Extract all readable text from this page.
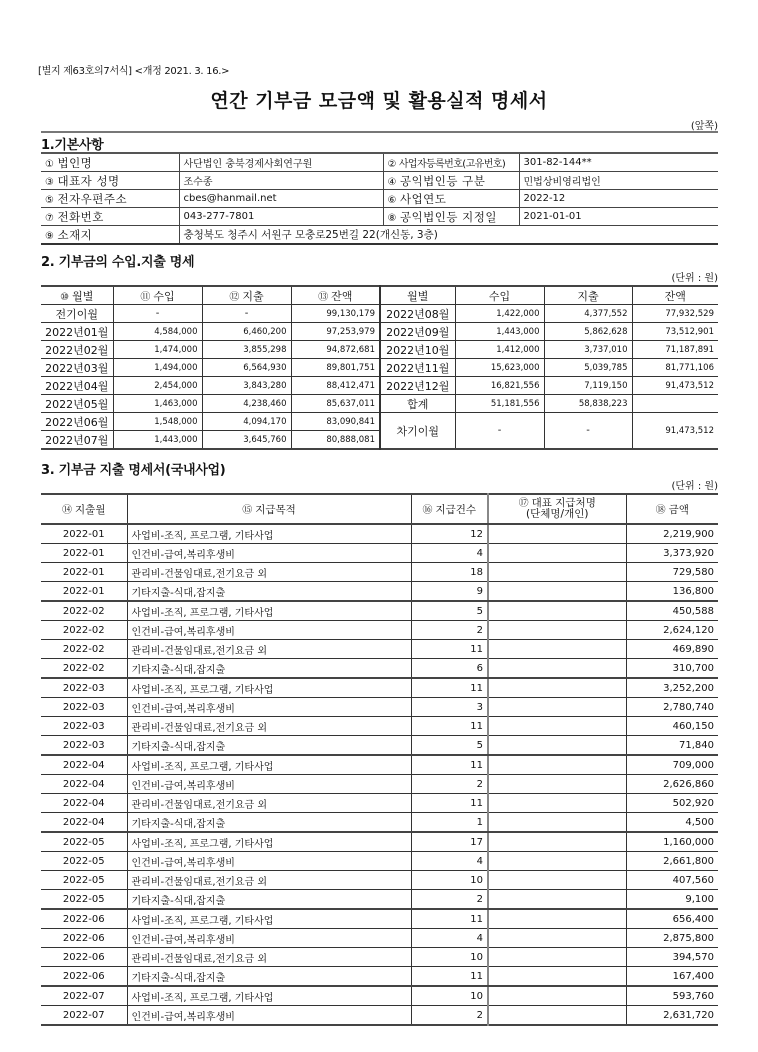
[별지 제63호의7서식] <개정 2021. 3. 16.>
연간 기부금 모금액 및 활용실적 명세서
(앞쪽)
1.기본사항
① 법인명	사단법인 충북경제사회연구원	② 사업자등록번호(고유번호)	301-82-144**
③ 대표자 성명	조수종	④ 공익법인등 구분	민법상비영리법인
⑤ 전자우편주소	cbes@hanmail.net	⑥ 사업연도	2022-12
⑦ 전화번호	043-277-7801	⑧ 공익법인등 지정일	2021-01-01
⑨ 소재지	충청북도 청주시 서원구 모충로25번길 22(개신동, 3층)		
2. 기부금의 수입.지출 명세
(단위 : 원)
⑩ 월별	⑪ 수입	⑫ 지출	⑬ 잔액	월별	수입	지출	잔액
전기이월	-	-	99,130,179	2022년08월	1,422,000	4,377,552	77,932,529
2022년01월	4,584,000	6,460,200	97,253,979	2022년09월	1,443,000	5,862,628	73,512,901
2022년02월	1,474,000	3,855,298	94,872,681	2022년10월	1,412,000	3,737,010	71,187,891
2022년03월	1,494,000	6,564,930	89,801,751	2022년11월	15,623,000	5,039,785	81,771,106
2022년04월	2,454,000	3,843,280	88,412,471	2022년12월	16,821,556	7,119,150	91,473,512
2022년05월	1,463,000	4,238,460	85,637,011	합계	51,181,556	58,838,223	
2022년06월	1,548,000	4,094,170	83,090,841	차기이월	-	-	91,473,512
2022년07월	1,443,000	3,645,760	80,888,081				
3. 기부금 지출 명세서(국내사업)
(단위 : 원)
⑭ 지출월	⑮ 지급목적	⑯ 지급건수	⑰ 대표 지급처명
(단체명/개인)	⑱ 금액
2022-01	사업비-조직, 프로그램, 기타사업	12		2,219,900
2022-01	인건비-급여,복리후생비	4		3,373,920
2022-01	관리비-건물임대료,전기요금 외	18		729,580
2022-01	기타지출-식대,잡지출	9		136,800
2022-02	사업비-조직, 프로그램, 기타사업	5		450,588
2022-02	인건비-급여,복리후생비	2		2,624,120
2022-02	관리비-건물임대료,전기요금 외	11		469,890
2022-02	기타지출-식대,잡지출	6		310,700
2022-03	사업비-조직, 프로그램, 기타사업	11		3,252,200
2022-03	인건비-급여,복리후생비	3		2,780,740
2022-03	관리비-건물임대료,전기요금 외	11		460,150
2022-03	기타지출-식대,잡지출	5		71,840
2022-04	사업비-조직, 프로그램, 기타사업	11		709,000
2022-04	인건비-급여,복리후생비	2		2,626,860
2022-04	관리비-건물임대료,전기요금 외	11		502,920
2022-04	기타지출-식대,잡지출	1		4,500
2022-05	사업비-조직, 프로그램, 기타사업	17		1,160,000
2022-05	인건비-급여,복리후생비	4		2,661,800
2022-05	관리비-건물임대료,전기요금 외	10		407,560
2022-05	기타지출-식대,잡지출	2		9,100
2022-06	사업비-조직, 프로그램, 기타사업	11		656,400
2022-06	인건비-급여,복리후생비	4		2,875,800
2022-06	관리비-건물임대료,전기요금 외	10		394,570
2022-06	기타지출-식대,잡지출	11		167,400
2022-07	사업비-조직, 프로그램, 기타사업	10		593,760
2022-07	인건비-급여,복리후생비	2		2,631,720
